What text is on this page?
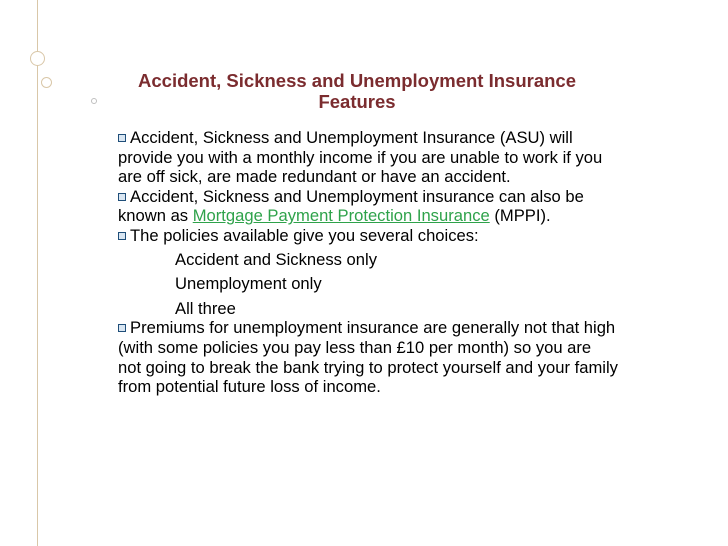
Accident, Sickness and Unemployment Insurance Features

Accident, Sickness and Unemployment Insurance (ASU) will provide you with a monthly income if you are unable to work if you are off sick, are made redundant or have an accident.

Accident, Sickness and Unemployment insurance can also be known as Mortgage Payment Protection Insurance (MPPI).

The policies available give you several choices:

Accident and Sickness only

Unemployment only

All three

Premiums for unemployment insurance are generally not that high (with some policies you pay less than £10 per month) so you are not going to break the bank trying to protect yourself and your family from potential future loss of income.
